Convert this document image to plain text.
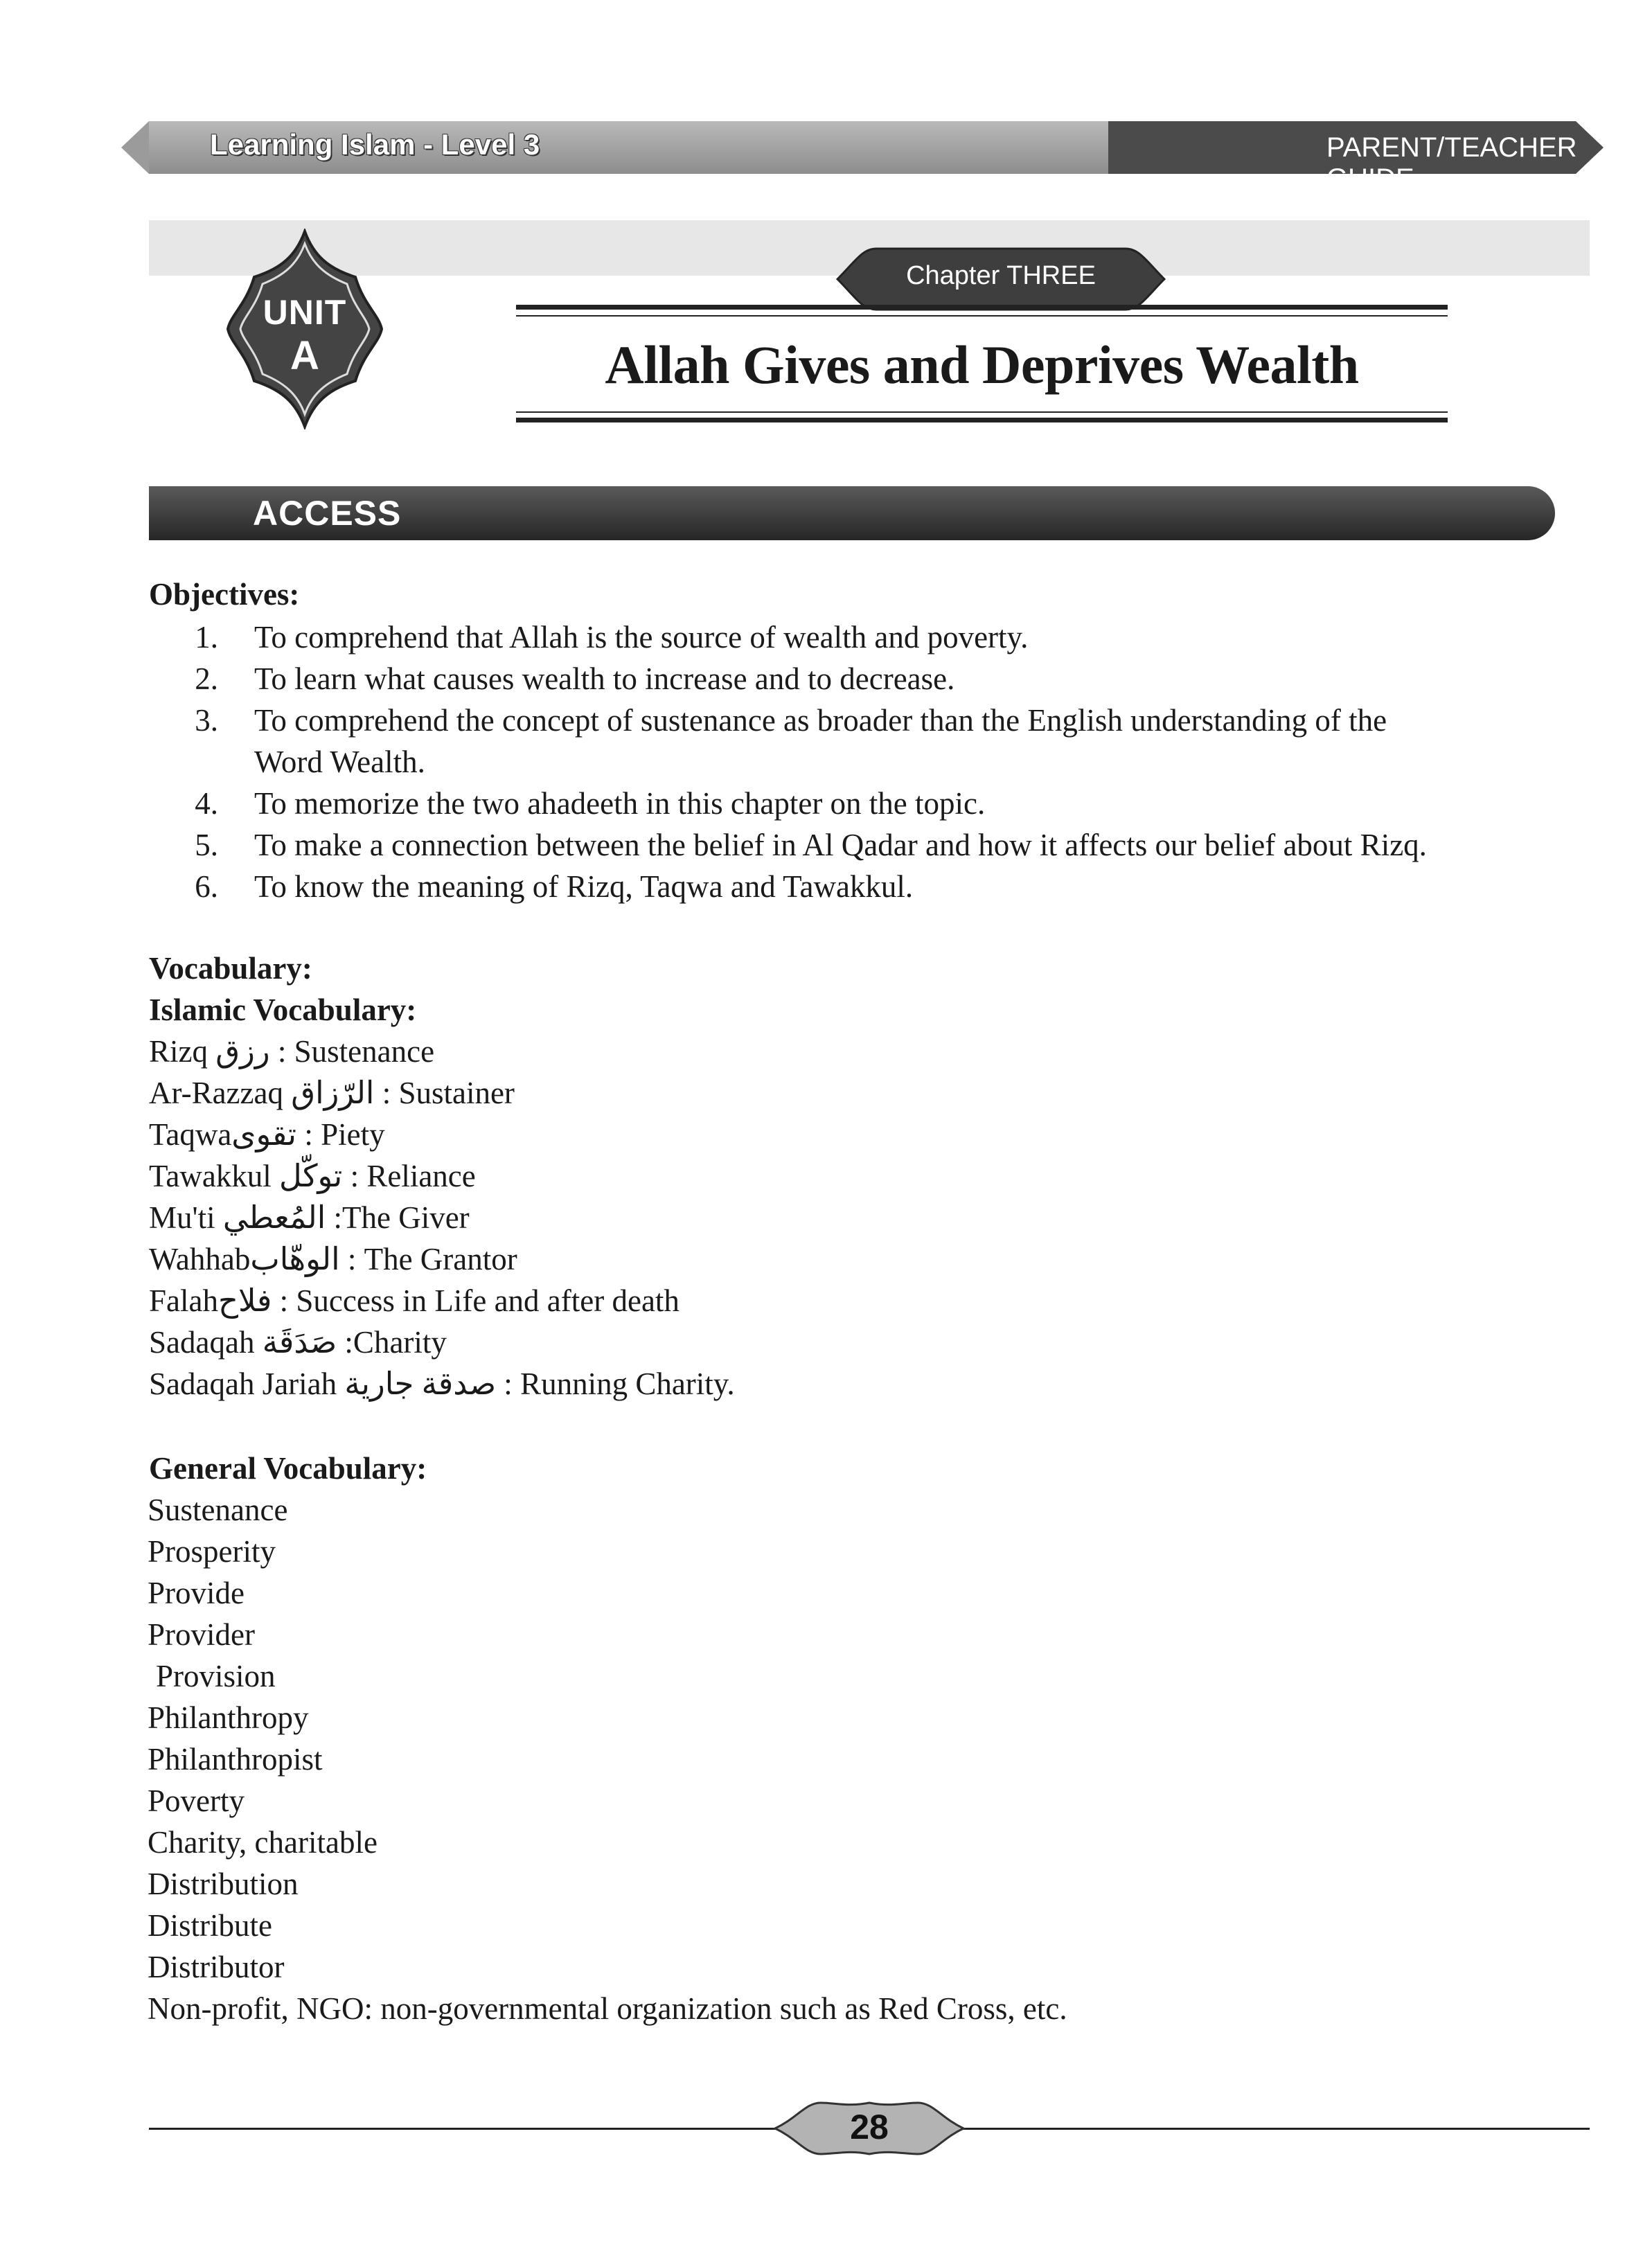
Learning Islam - Level 3	PARENT/TEACHER GUIDE
UNIT
A
Chapter THREE
Allah Gives and Deprives Wealth
ACCESS
Objectives:
1. To comprehend that Allah is the source of wealth and poverty.
2. To learn what causes wealth to increase and to decrease.
3. To comprehend the concept of sustenance as broader than the English understanding of the
Word Wealth.
4. To memorize the two ahadeeth in this chapter on the topic.
5. To make a connection between the belief in Al Qadar and how it affects our belief about Rizq.
6. To know the meaning of Rizq, Taqwa and Tawakkul.
Vocabulary:
Islamic Vocabulary:
Rizq رزق : Sustenance
Ar-Razzaq الرّزاق : Sustainer
Taqwaتقوى : Piety
Tawakkul توكّل : Reliance
Mu'ti المُعطي :The Giver
Wahhabالوهّاب : The Grantor
Falahفلاح : Success in Life and after death
Sadaqah صَدَقَة :Charity
Sadaqah Jariah صدقة جارية : Running Charity.
General Vocabulary:
Sustenance
Prosperity
Provide
Provider
Provision
Philanthropy
Philanthropist
Poverty
Charity, charitable
Distribution
Distribute
Distributor
Non-profit, NGO: non-governmental organization such as Red Cross, etc.
28
